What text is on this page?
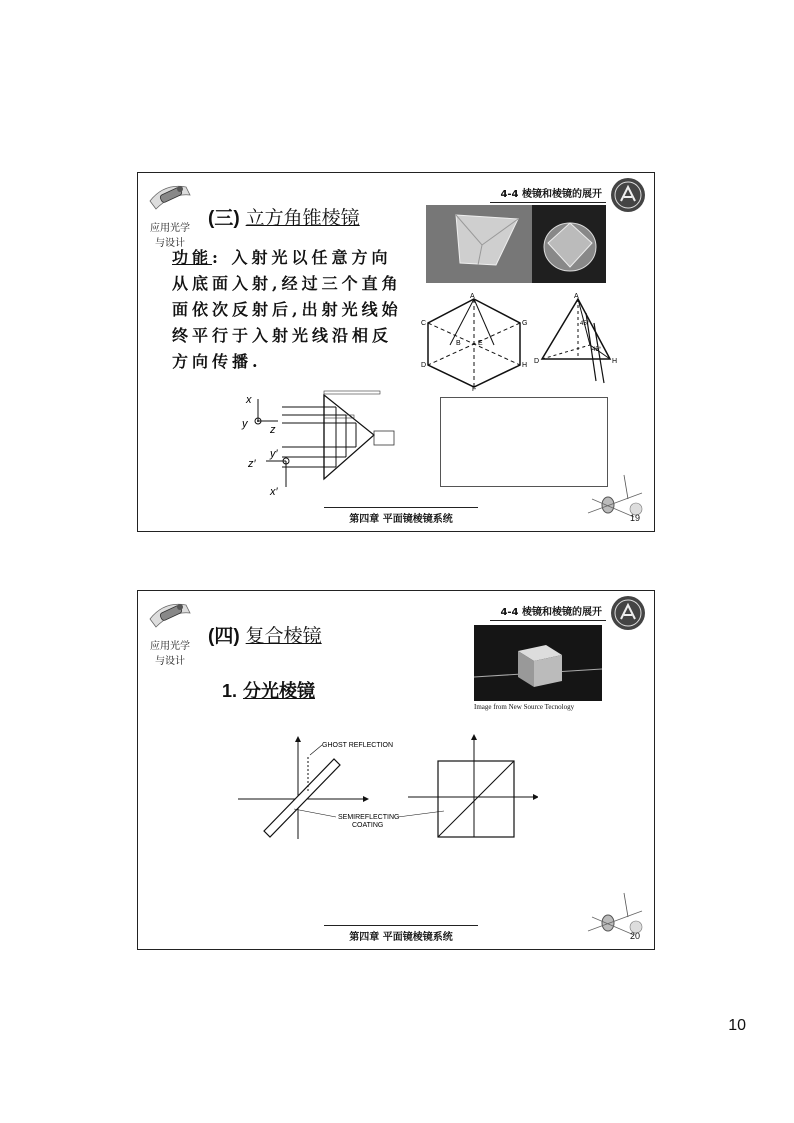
应用光学
与设计
4-4 棱镜和棱镜的展开
(三) 立方角锥棱镜
功能: 入射光以任意方向从底面入射,经过三个直角面依次反射后,出射光线始终平行于入射光线沿相反方向传播.
A
C	G
B E
D	H
F
A
D	H
45°
45°
x
y z
z′
y′
x′
第四章 平面镜棱镜系统	19
应用光学
与设计
4-4 棱镜和棱镜的展开
(四) 复合棱镜
1. 分光棱镜
Image from New Source Tecnology
GHOST REFLECTION
SEMIREFLECTING
COATING
第四章 平面镜棱镜系统	20
10
